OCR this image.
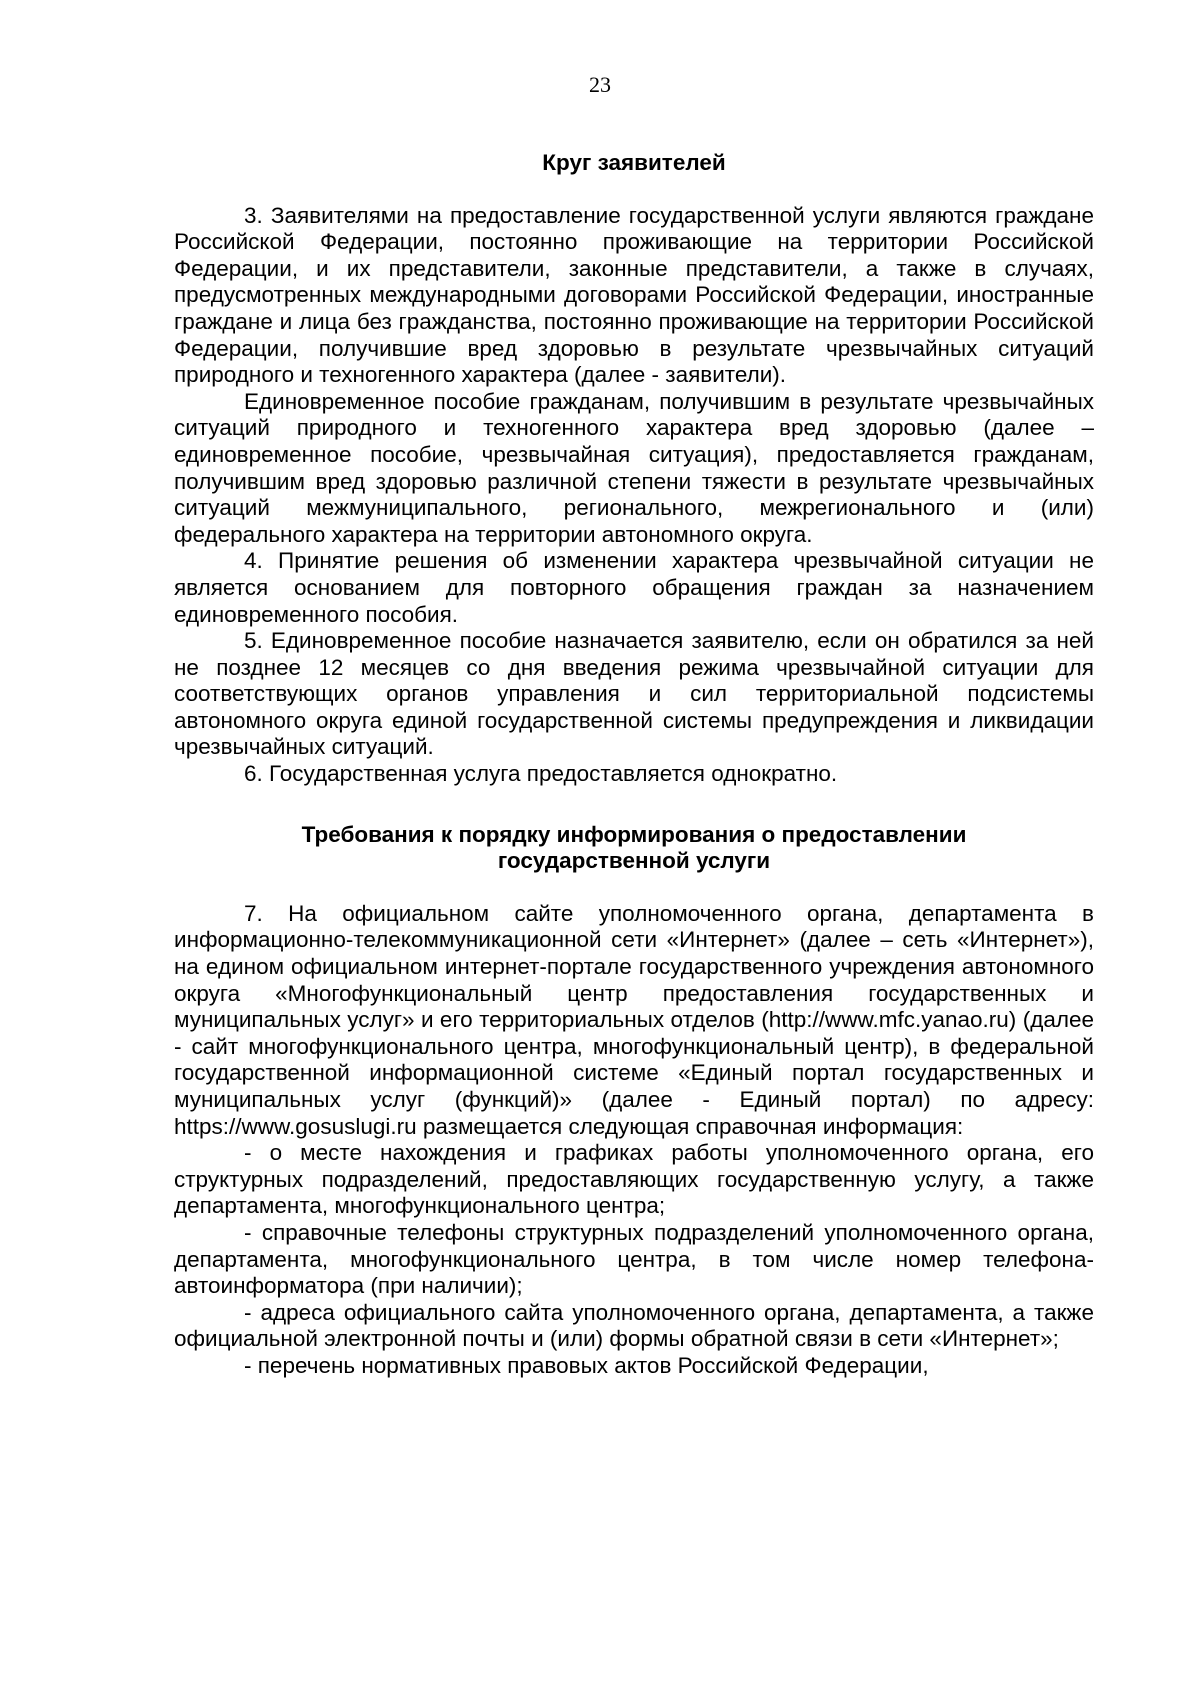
23

Круг заявителей

3. Заявителями на предоставление государственной услуги являются граждане Российской Федерации, постоянно проживающие на территории Российской Федерации, и их представители, законные представители, а также в случаях, предусмотренных международными договорами Российской Федерации, иностранные граждане и лица без гражданства, постоянно проживающие на территории Российской Федерации, получившие вред здоровью в результате чрезвычайных ситуаций природного и техногенного характера (далее - заявители).

Единовременное пособие гражданам, получившим в результате чрезвычайных ситуаций природного и техногенного характера вред здоровью (далее – единовременное пособие, чрезвычайная ситуация), предоставляется гражданам, получившим вред здоровью различной степени тяжести в результате чрезвычайных ситуаций межмуниципального, регионального, межрегионального и (или) федерального характера на территории автономного округа.

4. Принятие решения об изменении характера чрезвычайной ситуации не является основанием для повторного обращения граждан за назначением единовременного пособия.

5. Единовременное пособие назначается заявителю, если он обратился за ней не позднее 12 месяцев со дня введения режима чрезвычайной ситуации для соответствующих органов управления и сил территориальной подсистемы автономного округа единой государственной системы предупреждения и ликвидации чрезвычайных ситуаций.

6. Государственная услуга предоставляется однократно.

Требования к порядку информирования о предоставлении
государственной услуги

7. На официальном сайте уполномоченного органа, департамента в информационно-телекоммуникационной сети «Интернет» (далее – сеть «Интернет»), на едином официальном интернет-портале государственного учреждения автономного округа «Многофункциональный центр предоставления государственных и муниципальных услуг» и его территориальных отделов (http://www.mfc.yanao.ru) (далее - сайт многофункционального центра, многофункциональный центр), в федеральной государственной информационной системе «Единый портал государственных и муниципальных услуг (функций)» (далее - Единый портал) по адресу: https://www.gosuslugi.ru размещается следующая справочная информация:

- о месте нахождения и графиках работы уполномоченного органа, его структурных подразделений, предоставляющих государственную услугу, а также департамента, многофункционального центра;

- справочные телефоны структурных подразделений уполномоченного органа, департамента, многофункционального центра, в том числе номер телефона-автоинформатора (при наличии);

- адреса официального сайта уполномоченного органа, департамента, а также официальной электронной почты и (или) формы обратной связи в сети «Интернет»;

- перечень нормативных правовых актов Российской Федерации,
